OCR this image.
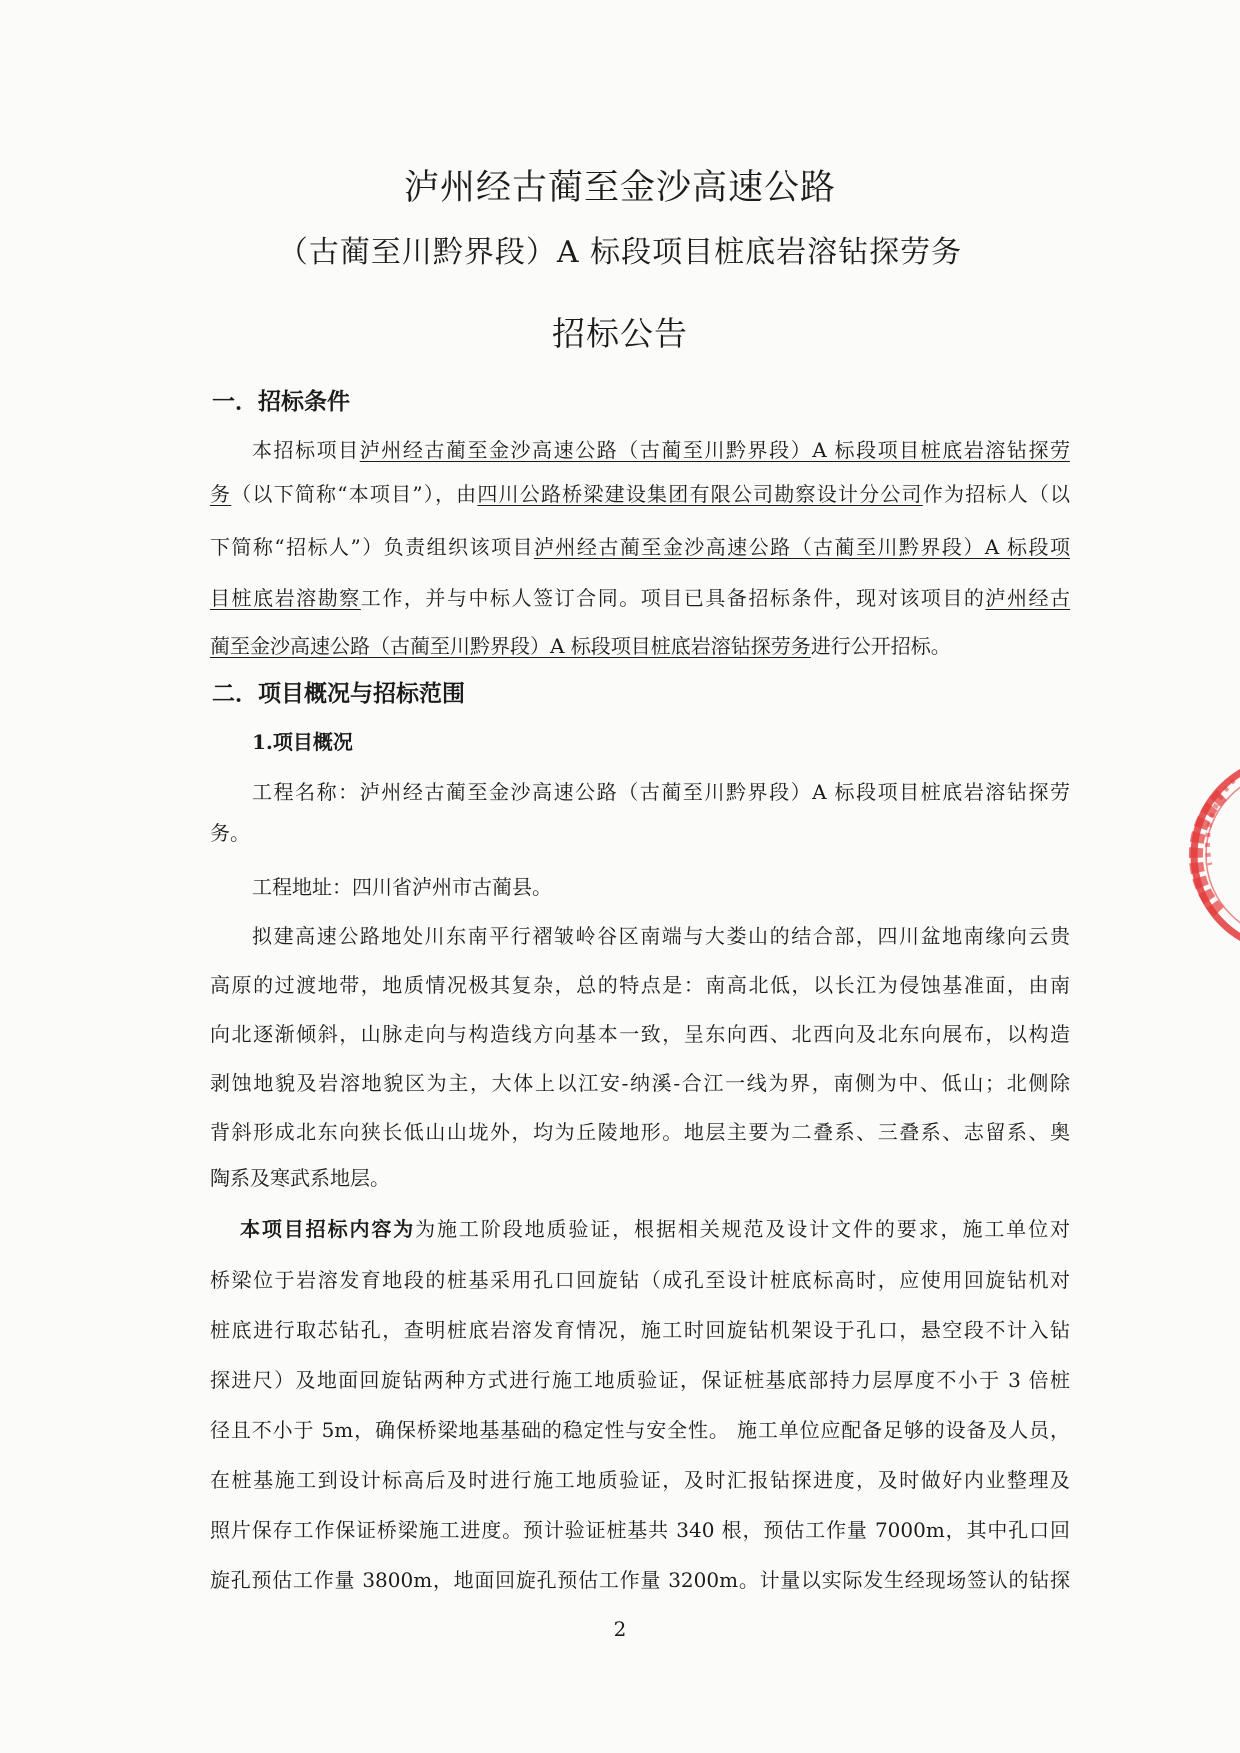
泸州经古蔺至金沙高速公路
（古蔺至川黔界段）A 标段项目桩底岩溶钻探劳务
招标公告
一．招标条件
本招标项目泸州经古蔺至金沙高速公路（古蔺至川黔界段）A 标段项目桩底岩溶钻探劳
务（以下简称“本项目”），由四川公路桥梁建设集团有限公司勘察设计分公司作为招标人（以
下简称“招标人”）负责组织该项目泸州经古蔺至金沙高速公路（古蔺至川黔界段）A 标段项
目桩底岩溶勘察工作，并与中标人签订合同。项目已具备招标条件，现对该项目的泸州经古
蔺至金沙高速公路（古蔺至川黔界段）A 标段项目桩底岩溶钻探劳务进行公开招标。
二．项目概况与招标范围
1.项目概况
工程名称：泸州经古蔺至金沙高速公路（古蔺至川黔界段）A 标段项目桩底岩溶钻探劳
务。
工程地址：四川省泸州市古蔺县。
拟建高速公路地处川东南平行褶皱岭谷区南端与大娄山的结合部，四川盆地南缘向云贵
高原的过渡地带，地质情况极其复杂，总的特点是：南高北低，以长江为侵蚀基准面，由南
向北逐渐倾斜，山脉走向与构造线方向基本一致，呈东向西、北西向及北东向展布，以构造
剥蚀地貌及岩溶地貌区为主，大体上以江安-纳溪-合江一线为界，南侧为中、低山；北侧除
背斜形成北东向狭长低山山垅外，均为丘陵地形。地层主要为二叠系、三叠系、志留系、奥
陶系及寒武系地层。
本项目招标内容为为施工阶段地质验证，根据相关规范及设计文件的要求，施工单位对
桥梁位于岩溶发育地段的桩基采用孔口回旋钻（成孔至设计桩底标高时，应使用回旋钻机对
桩底进行取芯钻孔，查明桩底岩溶发育情况，施工时回旋钻机架设于孔口，悬空段不计入钻
探进尺）及地面回旋钻两种方式进行施工地质验证，保证桩基底部持力层厚度不小于 3 倍桩
径且不小于 5m，确保桥梁地基基础的稳定性与安全性。 施工单位应配备足够的设备及人员，
在桩基施工到设计标高后及时进行施工地质验证，及时汇报钻探进度，及时做好内业整理及
照片保存工作保证桥梁施工进度。预计验证桩基共 340 根，预估工作量 7000m，其中孔口回
旋孔预估工作量 3800m，地面回旋孔预估工作量 3200m。计量以实际发生经现场签认的钻探
2
